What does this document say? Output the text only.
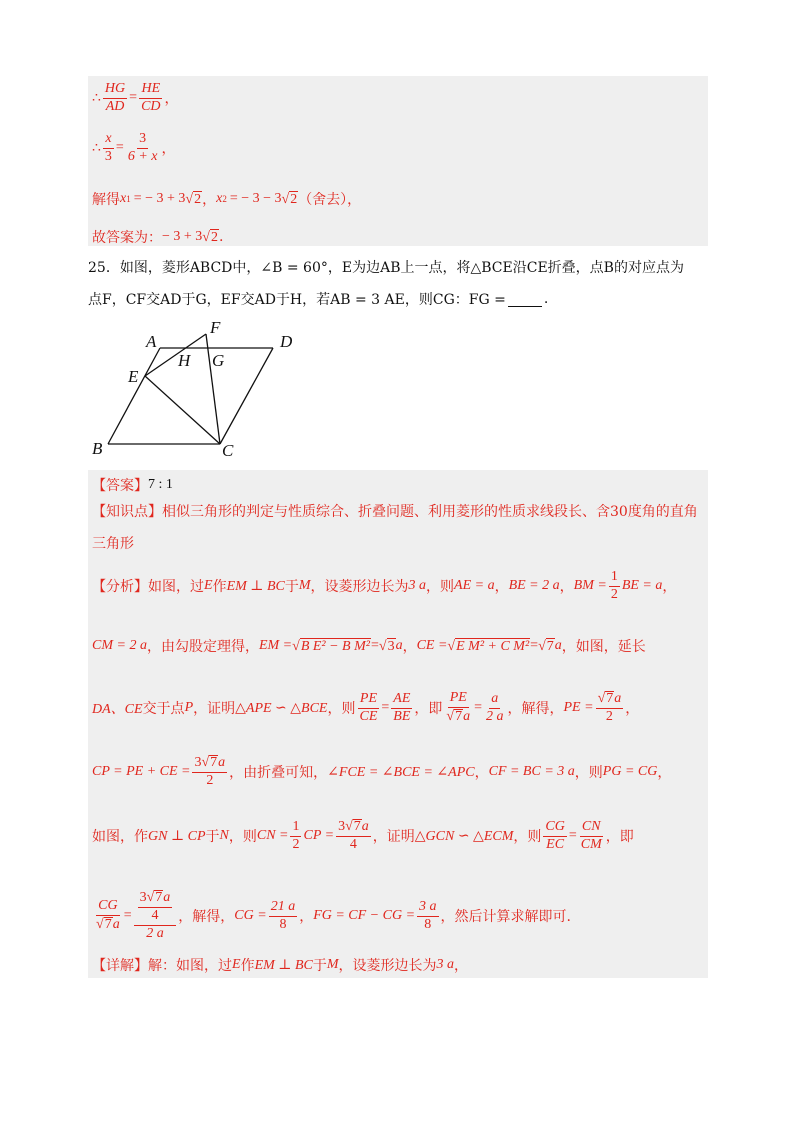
∴ $\frac{HG}{AD} = \frac{HE}{CD}$ ，
∴ $\frac{x}{3} = \frac{3}{6 + x}$ ，
解得 x 1 = − 3 + 3 √ 2 ， x 2 = − 3 − 3 √ 2 （舍去），
故答案为： − 3 + 3 √ 2 .
25．如图，菱形ABCD中，∠B = 60°，E为边AB上一点，将△BCE沿CE折叠，点B的对应点为
点F，CF交AD于G，EF交AD于H，若AB = 3 AE，则CG：FG =	.
A
F
D
H G
E
B	C
【答案】 7 : 1
【知识点】 相似三角形的判定与性质综合、折叠问题、利用菱形的性质求线段长、含30度角的直角
三角形
【分析】 如图，过 E 作 EM ⊥ BC 于 M ，设菱形边长为 3 a ，则 AE = a ， BE = 2 a ， BM = $\frac{1}{2}$ BE = a ，
CM = 2 a ，由勾股定理得， EM = √ B E² − B M² = √ 3 a ， CE = √ E M² + C M² = √ 7 a ，如图，延长
DA、CE 交于点 P ，证明 △APE ∽ △BCE ，则 $\frac{PE}{CE} = \frac{AE}{BE}$ ，即 $\frac{PE}{√ 7 a} = \frac{a}{2 a}$ ，解得， PE = $\frac{√ 7 a}{2}$ ，
CP = PE + CE = $\frac{3√ 7 a}{2}$ ，由折叠可知， ∠FCE = ∠BCE = ∠APC ， CF = BC = 3 a ，则 PG = CG ，
如图，作 GN ⊥ CP 于 N ，则 CN = $\frac{1}{2}$ CP = $\frac{3√ 7 a}{4}$ ，证明 △GCN ∽ △ECM ，则 $\frac{CG}{EC} = \frac{CN}{CM}$ ，即
$\frac{CG}{√ 7 a} = \frac{\frac{3√ 7 a}{4}}{2 a}$ ，解得， CG = $\frac{21 a}{8}$ ， FG = CF − CG = $\frac{3 a}{8}$ ，然后计算求解即可.
【详解】 解：如图，过 E 作 EM ⊥ BC 于 M ，设菱形边长为 3 a ，
